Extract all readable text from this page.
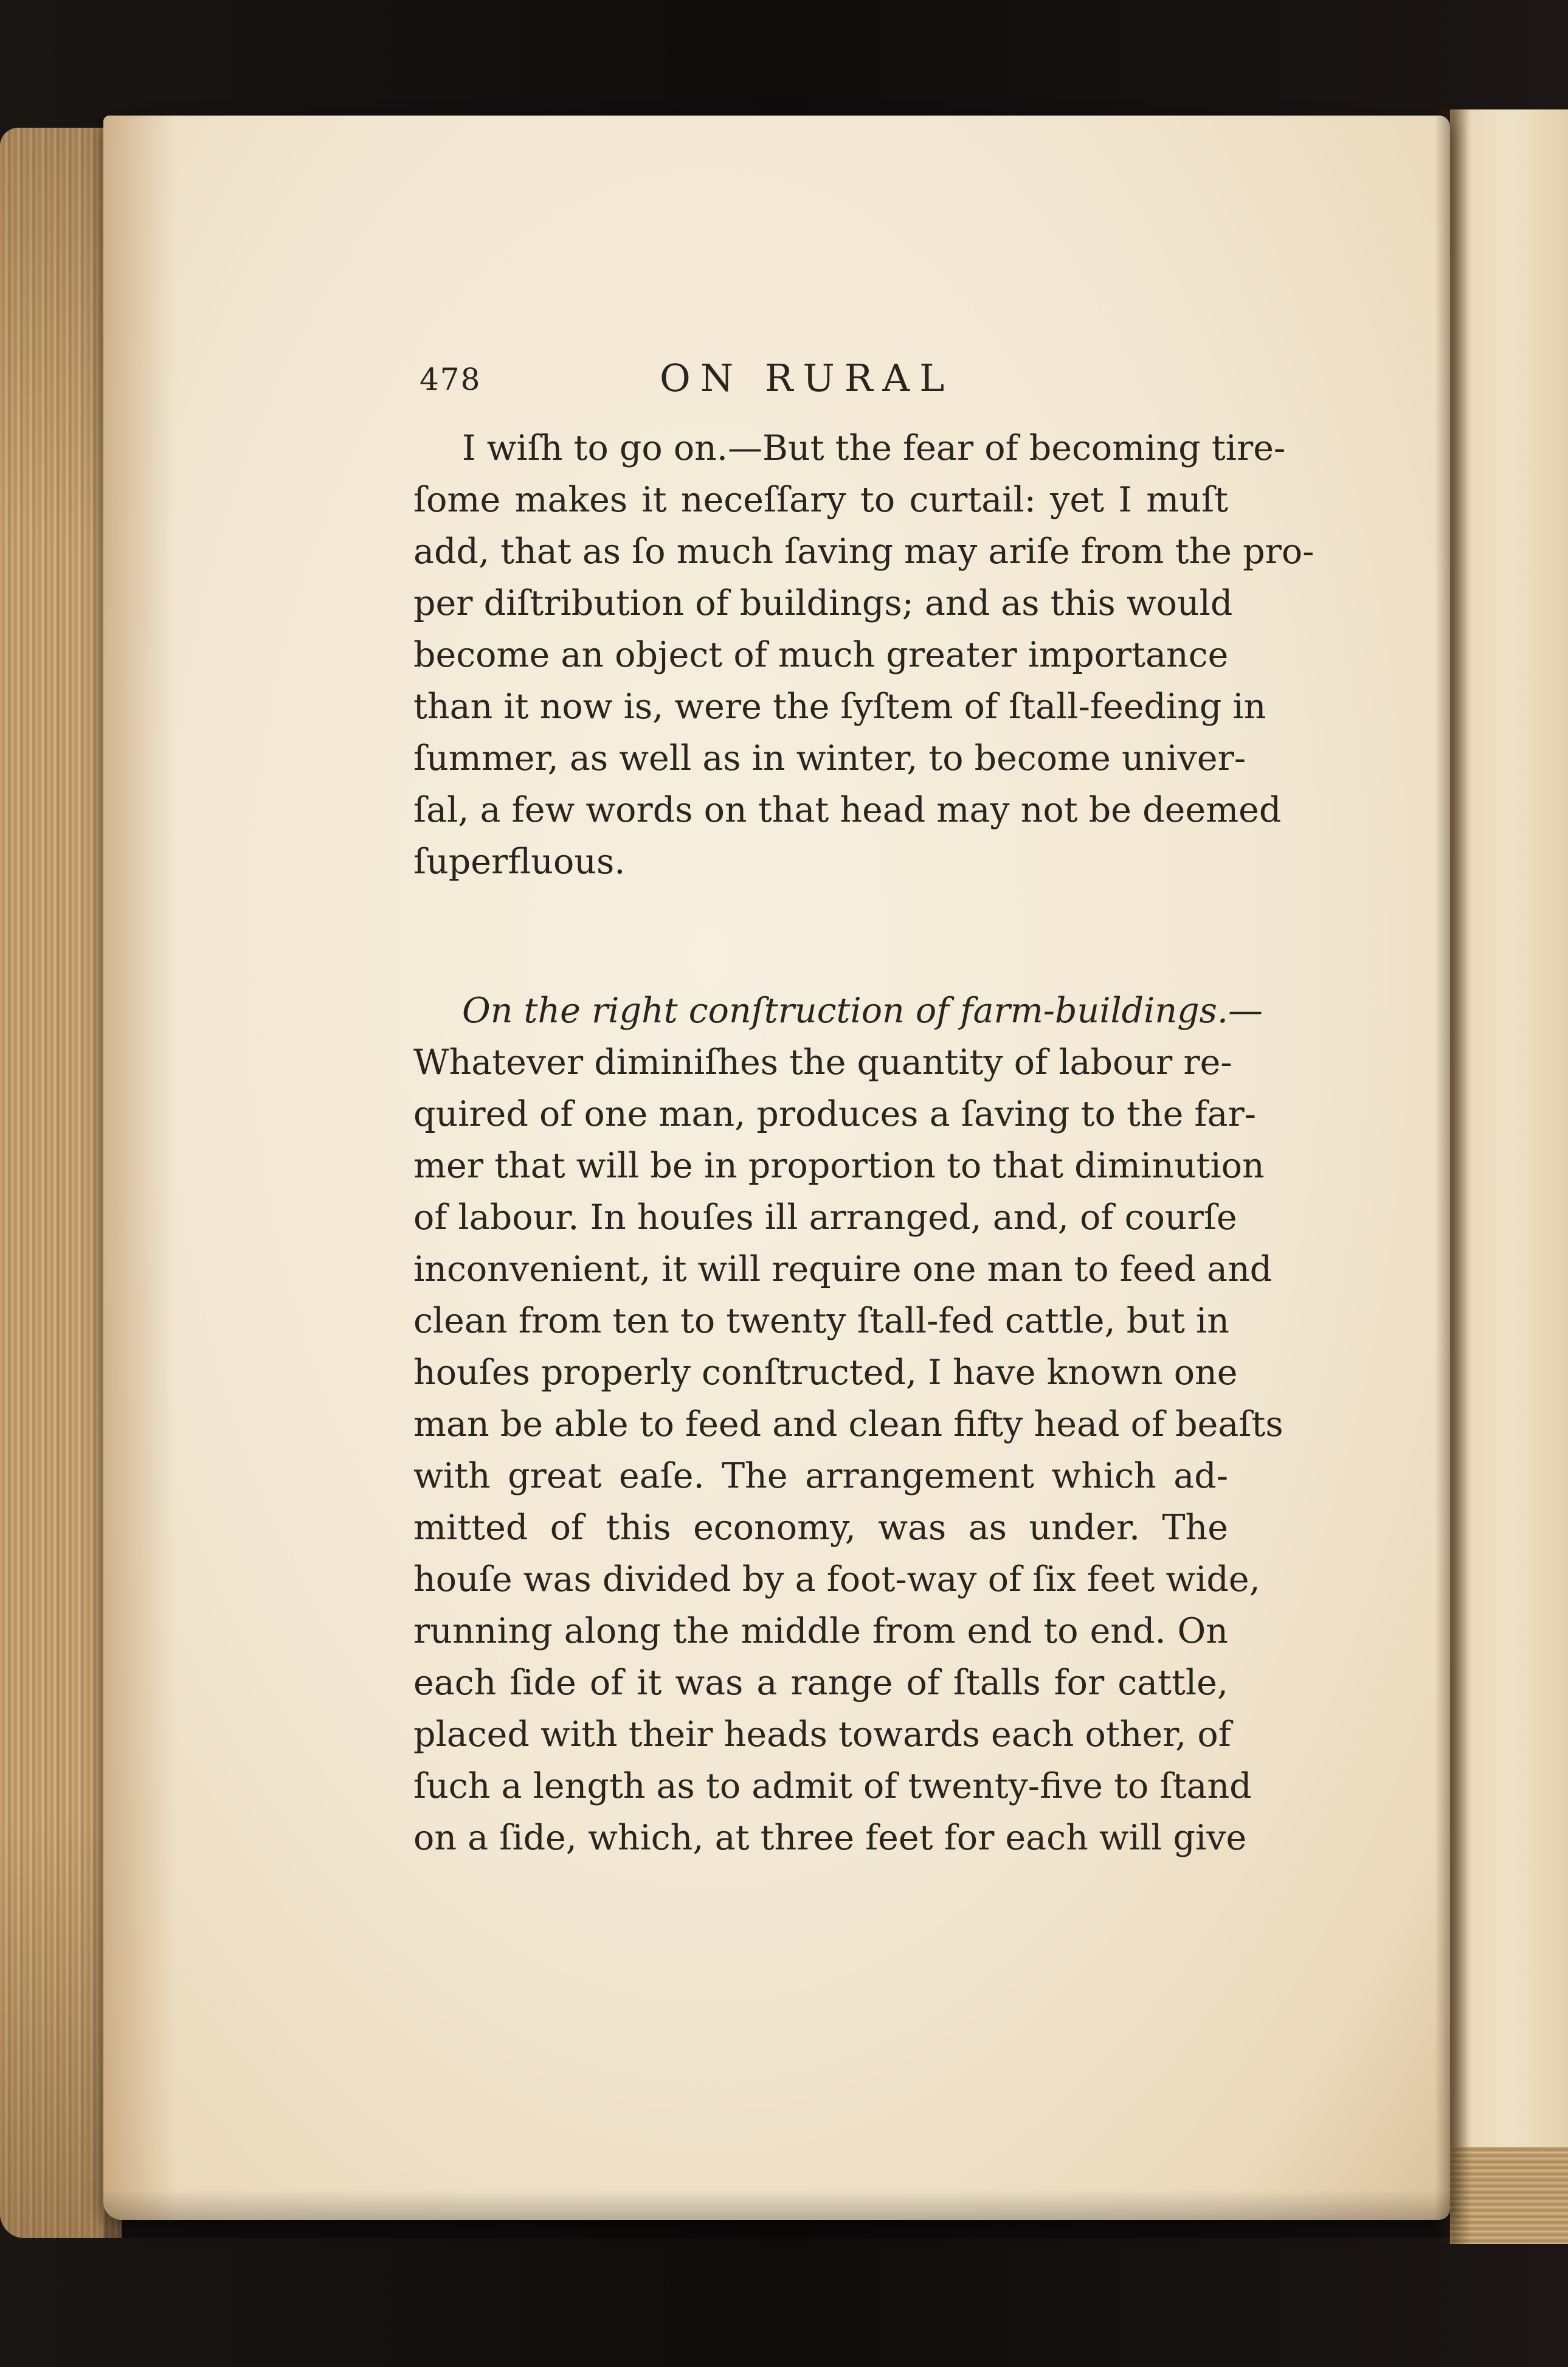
478	ON RURAL
I wiſh to go on.—But the fear of becoming tire-
ſome makes it neceſſary to curtail: yet I muſt
add, that as ſo much ſaving may ariſe from the pro-
per diſtribution of buildings; and as this would
become an object of much greater importance
than it now is, were the ſyſtem of ſtall-feeding in
ſummer, as well as in winter, to become univer-
ſal, a few words on that head may not be deemed
ſuperfluous.
On the right conſtruction of farm-buildings.—
Whatever diminiſhes the quantity of labour re-
quired of one man, produces a ſaving to the far-
mer that will be in proportion to that diminution
of labour. In houſes ill arranged, and, of courſe
inconvenient, it will require one man to feed and
clean from ten to twenty ſtall-fed cattle, but in
houſes properly conſtructed, I have known one
man be able to feed and clean fifty head of beaſts
with great eaſe. The arrangement which ad-
mitted of this economy, was as under. The
houſe was divided by a foot-way of ſix feet wide,
running along the middle from end to end. On
each ſide of it was a range of ſtalls for cattle,
placed with their heads towards each other, of
ſuch a length as to admit of twenty-five to ſtand
on a ſide, which, at three feet for each will give
